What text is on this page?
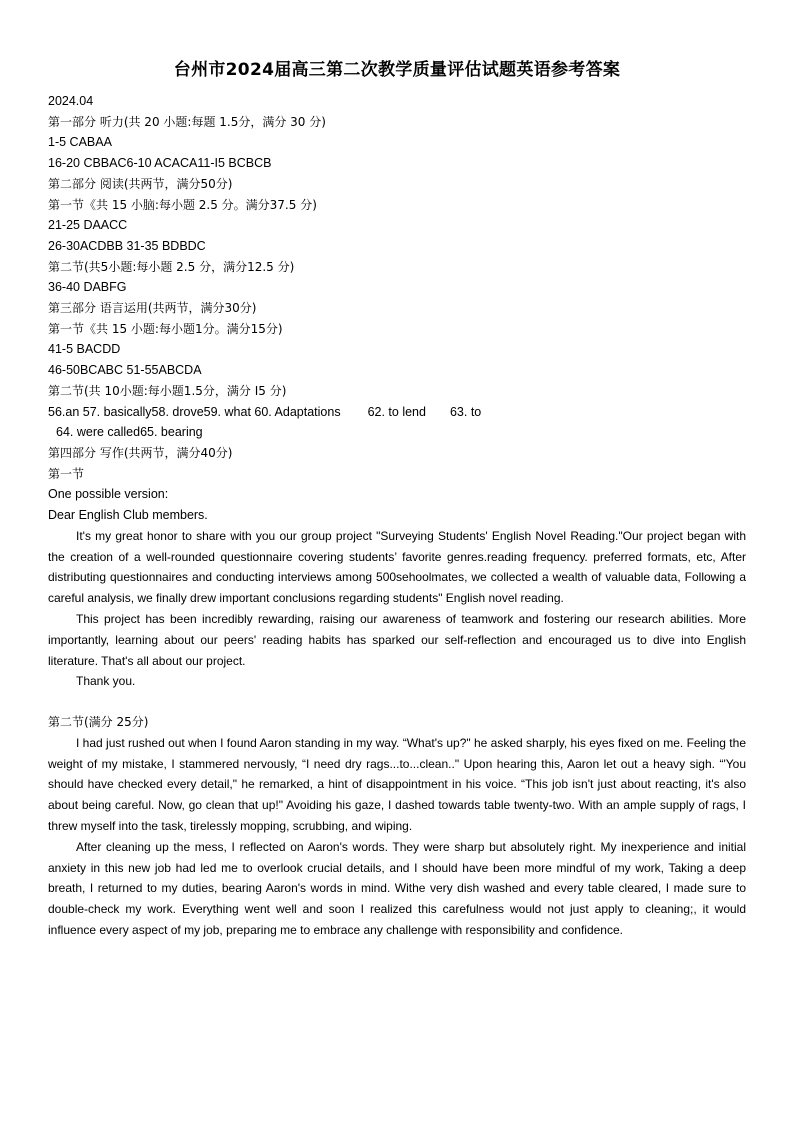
台州市2024届高三第二次教学质量评估试题英语参考答案

2024.04

第一部分 听力(共 20 小题:每题 1.5分，满分 30 分)

1-5 CABAA

16-20 CBBAC6-10 ACACA11-I5 BCBCB

第二部分 阅读(共两节，满分50分)

第一节《共 15 小脑:每小题 2.5 分。满分37.5 分)

21-25 DAACC

26-30ACDBB 31-35 BDBDC

第二节(共5小题:每小题 2.5 分，满分12.5 分)

36-40 DABFG

第三部分 语言运用(共两节，满分30分)

第一节《共 15 小题:每小题1分。满分15分)

41-5 BACDD

46-50BCABC 51-55ABCDA

第二节(共 10小题:每小题1.5分，满分 I5 分)

56.an 57. basically58. drove59. what 60. Adaptations 62. to lend 63. to

64. were called65. bearing

第四部分 写作(共两节，满分40分)

第一节

One possible version:

Dear English Club members.

It's my great honor to share with you our group project "Surveying Students' English Novel Reading."Our project began with the creation of a well-rounded questionnaire covering students’ favorite genres.reading frequency. preferred formats, etc, After distributing questionnaires and conducting interviews among 500sehoolmates, we collected a wealth of valuable data, Following a careful analysis, we finally drew important conclusions regarding students" English novel reading.

This project has been incredibly rewarding, raising our awareness of teamwork and fostering our research abilities. More importantly, learning about our peers' reading habits has sparked our self-reflection and encouraged us to dive into English literature. That's all about our project.

Thank you.

第二节(满分 25分)

I had just rushed out when I found Aaron standing in my way. “What's up?" he asked sharply, his eyes fixed on me. Feeling the weight of my mistake, I stammered nervously, “I need dry rags...to...clean.." Upon hearing this, Aaron let out a heavy sigh. “'You should have checked every detail," he remarked, a hint of disappointment in his voice. “This job isn't just about reacting, it's also about being careful. Now, go clean that up!" Avoiding his gaze, I dashed towards table twenty-two. With an ample supply of rags, I threw myself into the task, tirelessly mopping, scrubbing, and wiping.

After cleaning up the mess, I reflected on Aaron's words. They were sharp but absolutely right. My inexperience and initial anxiety in this new job had led me to overlook crucial details, and I should have been more mindful of my work, Taking a deep breath, I returned to my duties, bearing Aaron's words in mind. Withe very dish washed and every table cleared, I made sure to double-check my work. Everything went well and soon I realized this carefulness would not just apply to cleaning;, it would influence every aspect of my job, preparing me to embrace any challenge with responsibility and confidence.
